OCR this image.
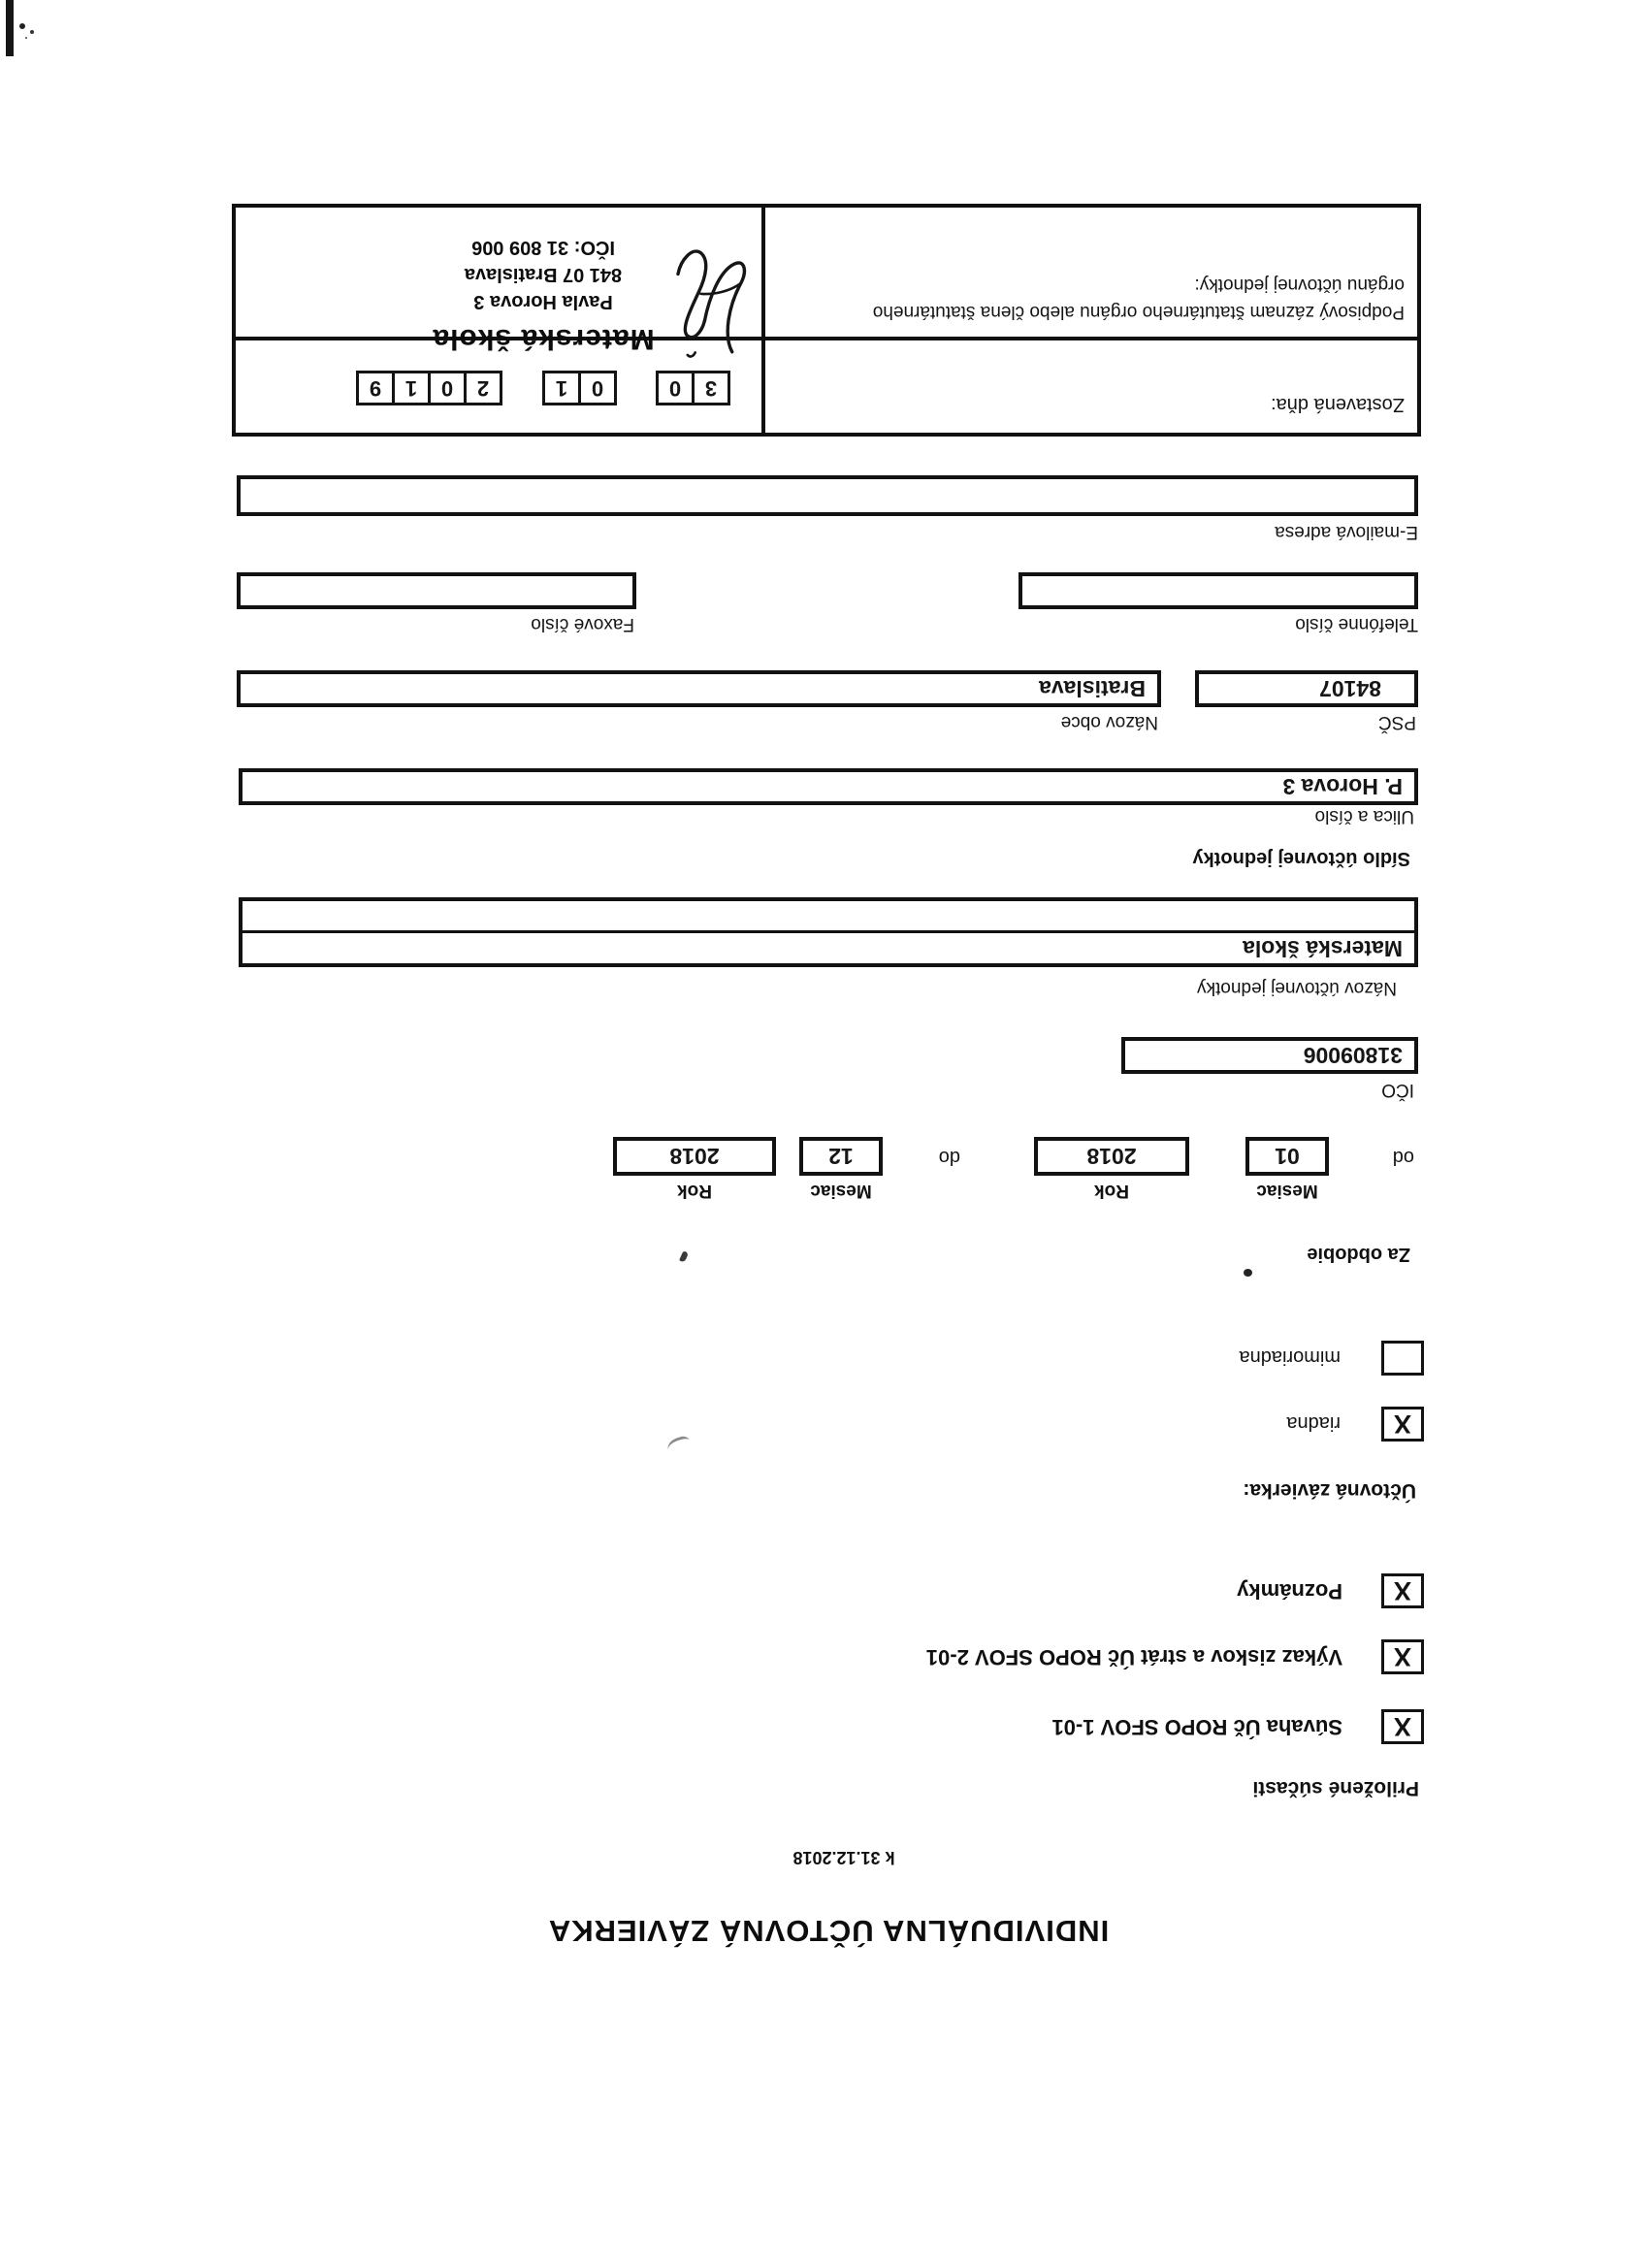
INDIVIDUÁLNA ÚČTOVNÁ ZÁVIERKA
k 31.12.2018
Priložené súčasti
X
Súvaha Úč ROPO SFOV 1-01
X
Výkaz ziskov a strát Úč ROPO SFOV 2-01
X
Poznámky
Účtovná závierka:
X
riadna
mimoriadna
Za obdobie
Mesiac
Rok
Mesiac
Rok
od
01
2018
do
12
2018
IČO
31809006
Názov účtovnej jednotky
Materská škola
Sídlo účtovnej jednotky
Ulica a číslo
P. Horova 3
PSČ
84107
Názov obce
Bratislava
Telefónne číslo
Faxové číslo
E-mailová adresa
Zostavená dňa:
3
0
0
1
2
0
1
9
Podpisový záznam štatutárneho orgánu alebo člena štatutárneho
orgánu účtovnej jednotky:
Materská škola
Pavla Horova 3
841 07 Bratislava
IČO: 31 809 006
